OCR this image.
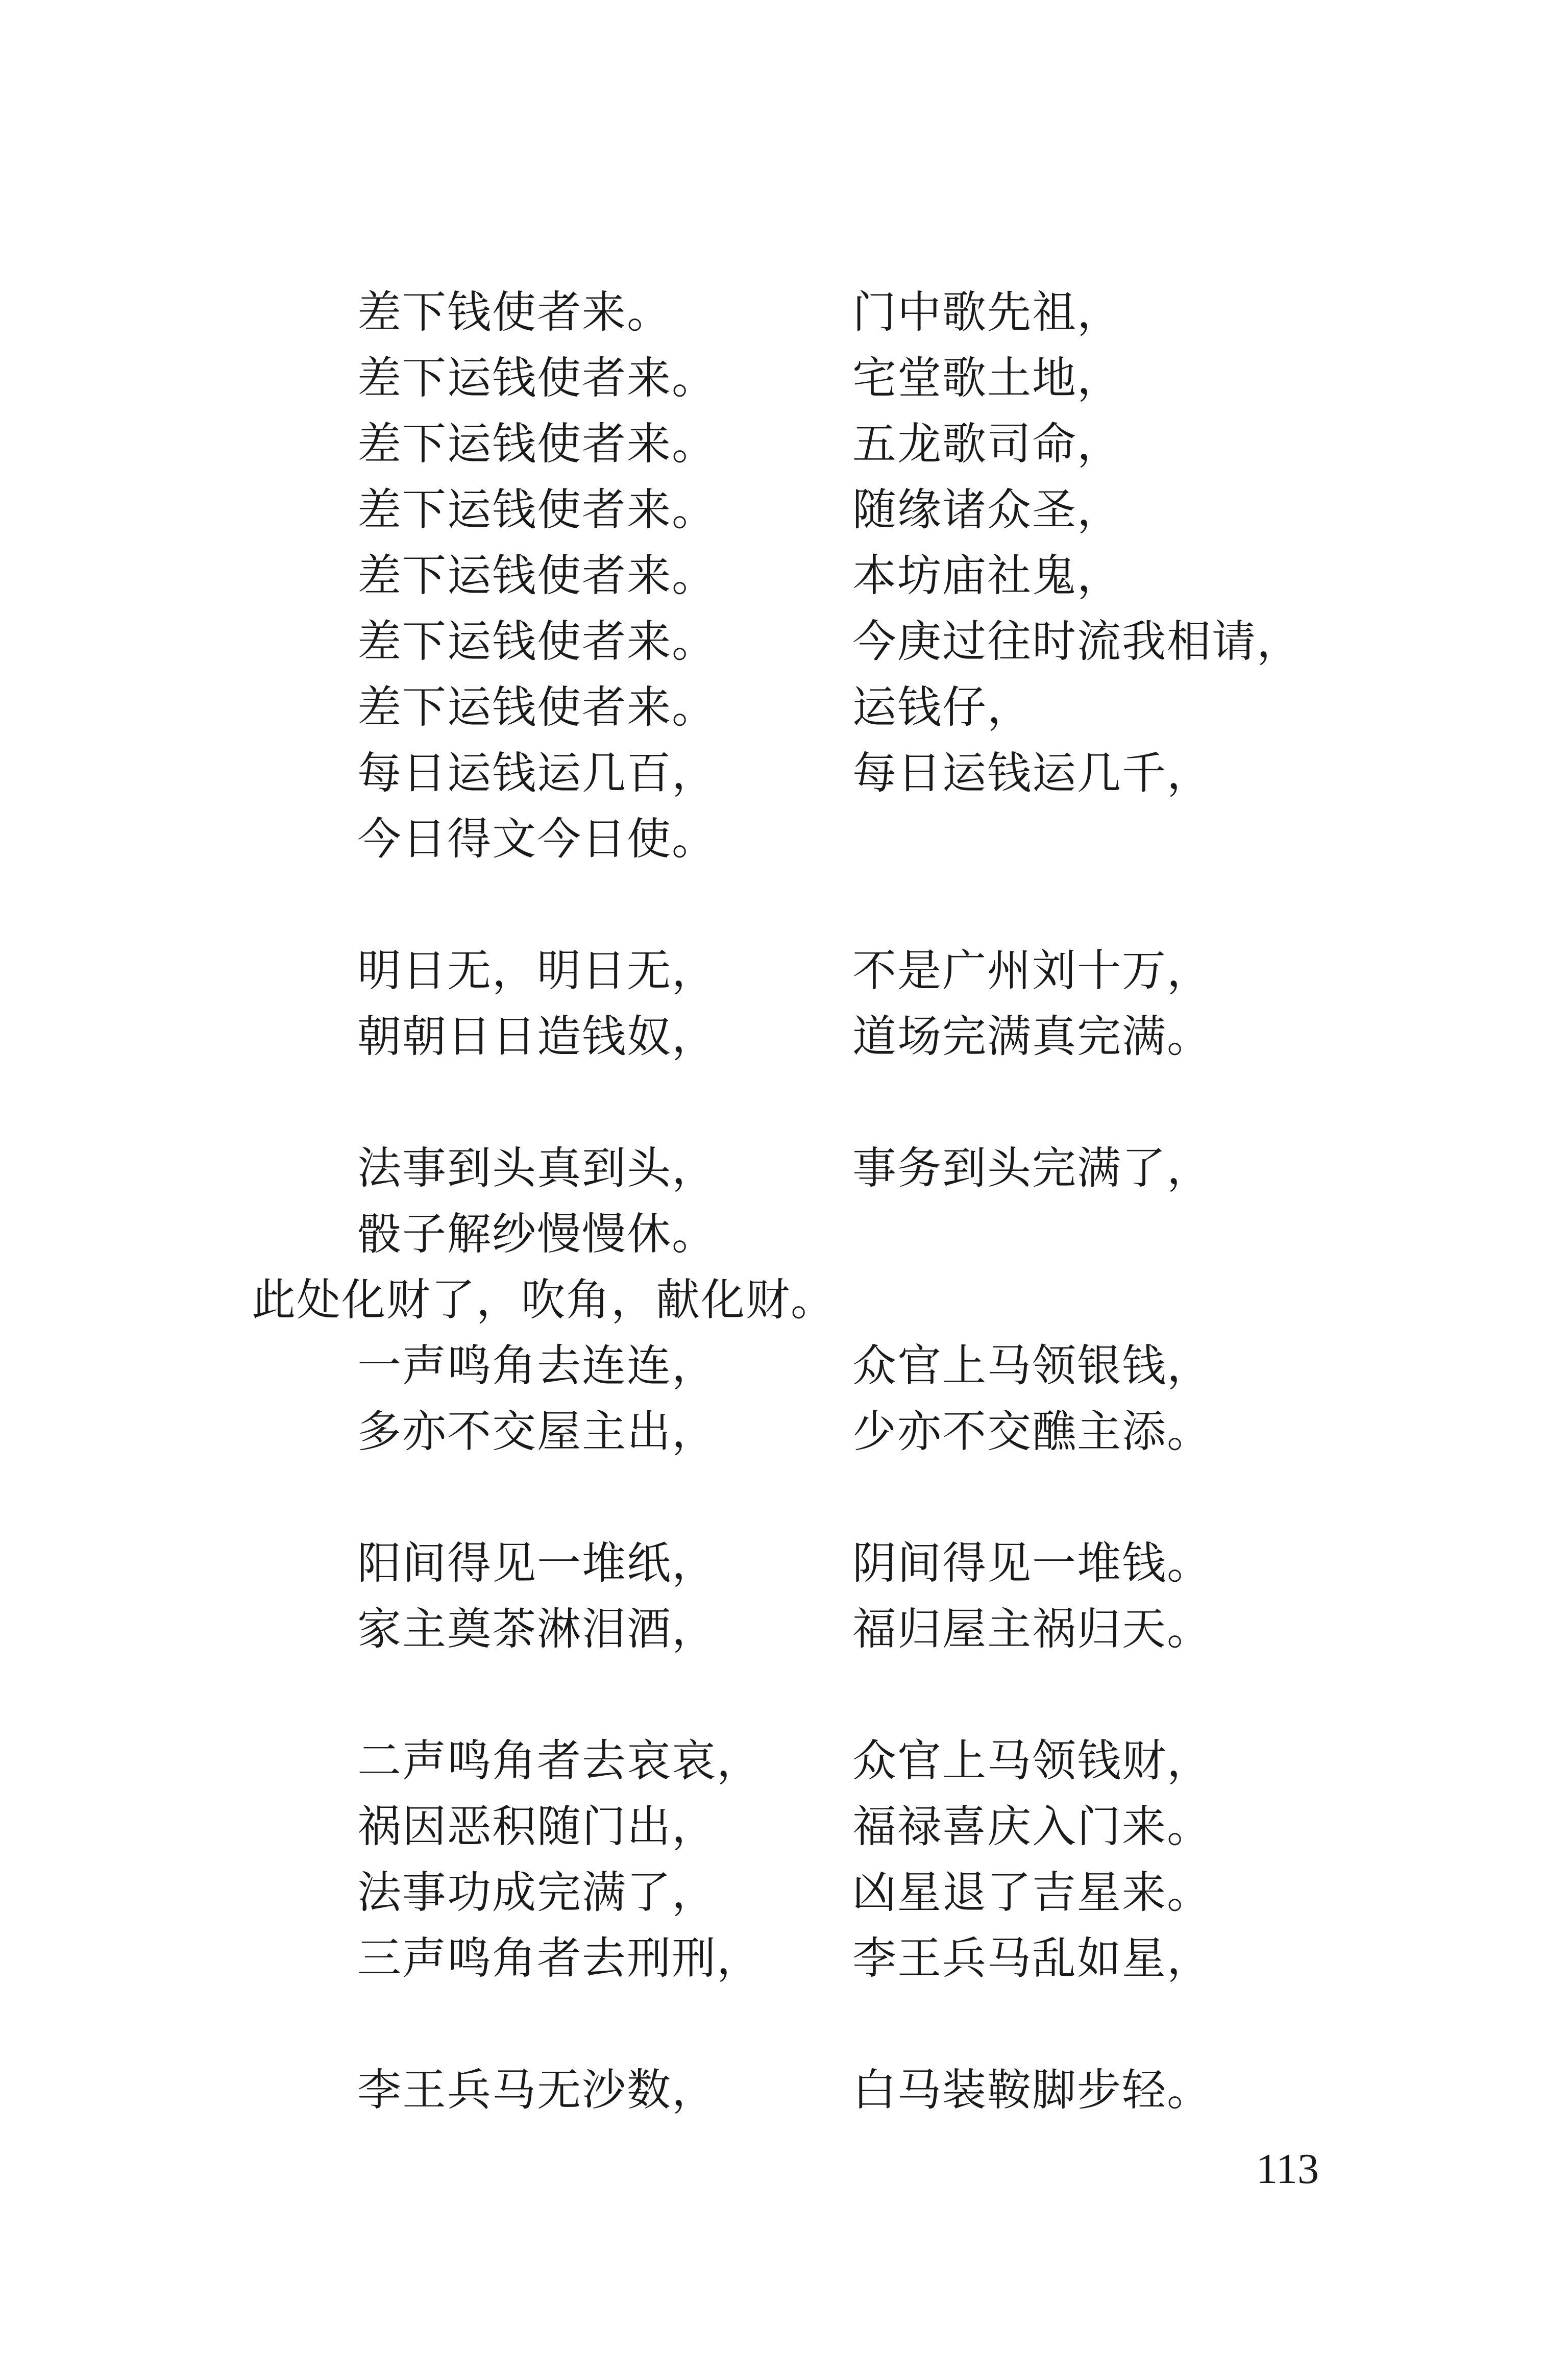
差下钱使者来。
差下运钱使者来。
差下运钱使者来。
差下运钱使者来。
差下运钱使者来。
差下运钱使者来。
差下运钱使者来。
每日运钱运几百，
今日得文今日使。
明日无，明日无，
朝朝日日造钱奴，
法事到头真到头，
骰子解纱慢慢休。
此处化财了，吹角，献化财。
一声鸣角去连连，
多亦不交屋主出，
阳间得见一堆纸，
家主奠茶淋泪酒，
二声鸣角者去哀哀，
祸因恶积随门出，
法事功成完满了，
三声鸣角者去刑刑，
李王兵马无沙数，
门中歌先祖，
宅堂歌土地，
五龙歌司命，
随缘诸众圣，
本坊庙社鬼，
今庚过往时流我相请，
运钱仔，
每日运钱运几千，
不是广州刘十万，
道场完满真完满。
事务到头完满了，
众官上马领银钱，
少亦不交醮主添。
阴间得见一堆钱。
福归屋主祸归天。
众官上马领钱财，
福禄喜庆入门来。
凶星退了吉星来。
李王兵马乱如星，
白马装鞍脚步轻。
113
